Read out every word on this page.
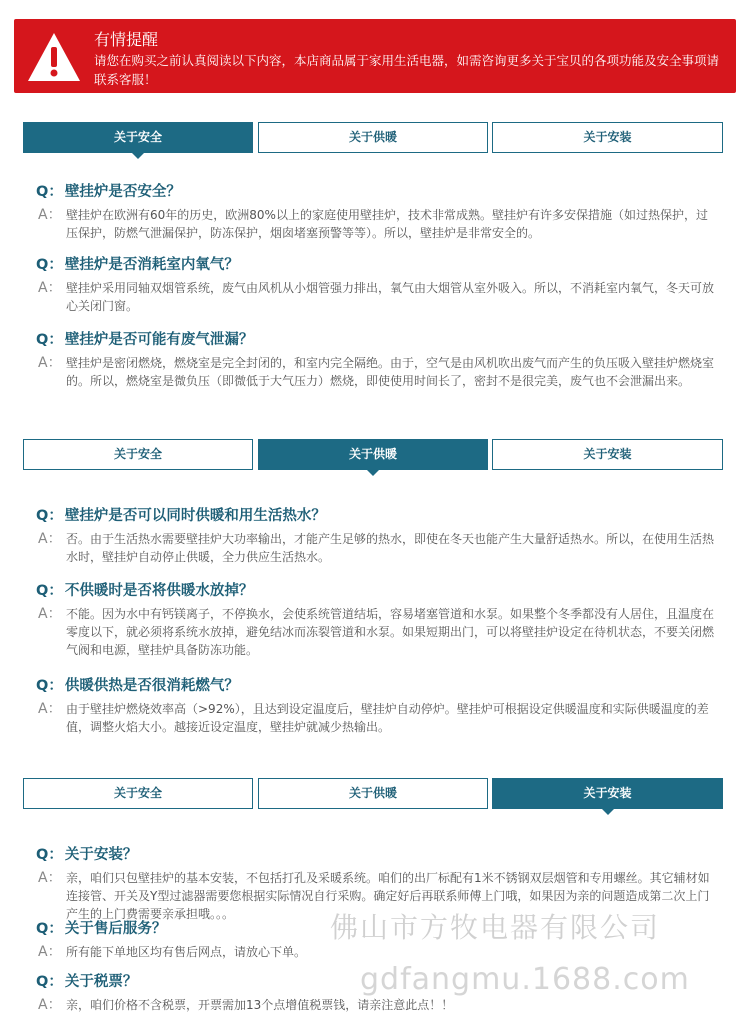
有情提醒
请您在购买之前认真阅读以下内容，本店商品属于家用生活电器，如需咨询更多关于宝贝的各项功能及安全事项请联系客服！
关于安全	关于供暖	关于安装
Q： 壁挂炉是否安全？
A： 壁挂炉在欧洲有60年的历史，欧洲80%以上的家庭使用壁挂炉，技术非常成熟。壁挂炉有许多安保措施（如过热保护，过压保护，防燃气泄漏保护，防冻保护，烟囱堵塞预警等等）。所以，壁挂炉是非常安全的。
Q： 壁挂炉是否消耗室内氧气？
A： 壁挂炉采用同轴双烟管系统，废气由风机从小烟管强力排出，氧气由大烟管从室外吸入。所以，不消耗室内氧气，冬天可放心关闭门窗。
Q： 壁挂炉是否可能有废气泄漏？
A： 壁挂炉是密闭燃烧，燃烧室是完全封闭的，和室内完全隔绝。由于，空气是由风机吹出废气而产生的负压吸入壁挂炉燃烧室的。所以，燃烧室是微负压（即微低于大气压力）燃烧，即使使用时间长了，密封不是很完美，废气也不会泄漏出来。
关于安全	关于供暖	关于安装
Q： 壁挂炉是否可以同时供暖和用生活热水？
A： 否。由于生活热水需要壁挂炉大功率输出，才能产生足够的热水，即使在冬天也能产生大量舒适热水。所以，在使用生活热水时，壁挂炉自动停止供暖，全力供应生活热水。
Q： 不供暖时是否将供暖水放掉？
A： 不能。因为水中有钙镁离子，不停换水，会使系统管道结垢，容易堵塞管道和水泵。如果整个冬季都没有人居住，且温度在零度以下，就必须将系统水放掉，避免结冰而冻裂管道和水泵。如果短期出门，可以将壁挂炉设定在待机状态，不要关闭燃气阀和电源，壁挂炉具备防冻功能。
Q： 供暖供热是否很消耗燃气？
A： 由于壁挂炉燃烧效率高（>92%），且达到设定温度后，壁挂炉自动停炉。壁挂炉可根据设定供暖温度和实际供暖温度的差值，调整火焰大小。越接近设定温度，壁挂炉就减少热输出。
关于安全	关于供暖	关于安装
Q： 关于安装？
A： 亲，咱们只包壁挂炉的基本安装，不包括打孔及采暖系统。咱们的出厂标配有1米不锈钢双层烟管和专用螺丝。其它辅材如连接管、开关及Y型过滤器需要您根据实际情况自行采购。确定好后再联系师傅上门哦，如果因为亲的问题造成第二次上门产生的上门费需要亲承担哦。。。
Q： 关于售后服务？
A： 所有能下单地区均有售后网点，请放心下单。
Q： 关于税票？
A： 亲，咱们价格不含税票，开票需加13个点增值税票钱，请亲注意此点！！
佛山市方牧电器有限公司
gdfangmu.1688.com
